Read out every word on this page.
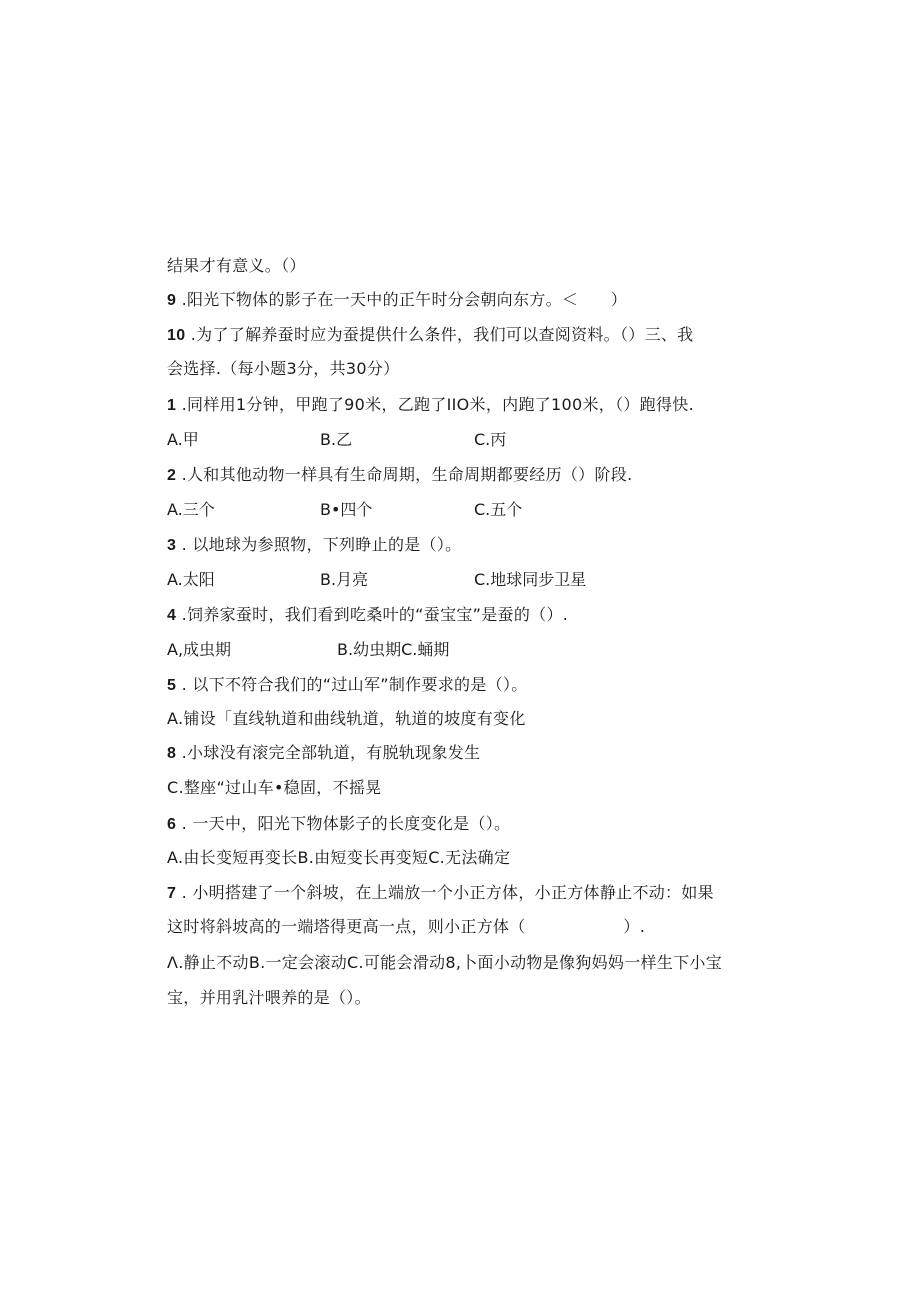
结果才有意义。（）
9 .阳光下物体的影子在一天中的正午时分会朝向东方。＜　　）
10 .为了了解养蚕时应为蚕提供什么条件，我们可以查阅资料。（）三、我
会选择.（每小题3分，共30分）
1 .同样用1分钟，甲跑了90米，乙跑了IIO米，内跑了100米，（）跑得快.
A.甲	B.乙	C.丙
2 .人和其他动物一样具有生命周期，生命周期都要经历（）阶段.
A.三个	B•四个	C.五个
3 . 以地球为参照物，下列睁止的是（）。
A.太阳	B.月亮	C.地球同步卫星
4 .饲养家蚕时，我们看到吃桑叶的“蚕宝宝”是蚕的（）.
A,成虫期	B.幼虫期C.蛹期
5 . 以下不符合我们的“过山军”制作要求的是（）。
A.铺设「直线轨道和曲线轨道，轨道的坡度有变化
8 .小球没有滚完全部轨道，有脱轨现象发生
C.整座“过山车•稳固，不摇晃
6 . 一天中，阳光下物体影子的长度变化是（）。
A.由长变短再变长B.由短变长再变短C.无法确定
7 . 小明搭建了一个斜坡，在上端放一个小正方体，小正方体静止不动：如果
这时将斜坡高的一端塔得更高一点，则小正方体（　　　　　　）.
Λ.静止不动B.一定会滚动C.可能会滑动8,卜面小动物是像狗妈妈一样生下小宝
宝，并用乳汁喂养的是（）。
